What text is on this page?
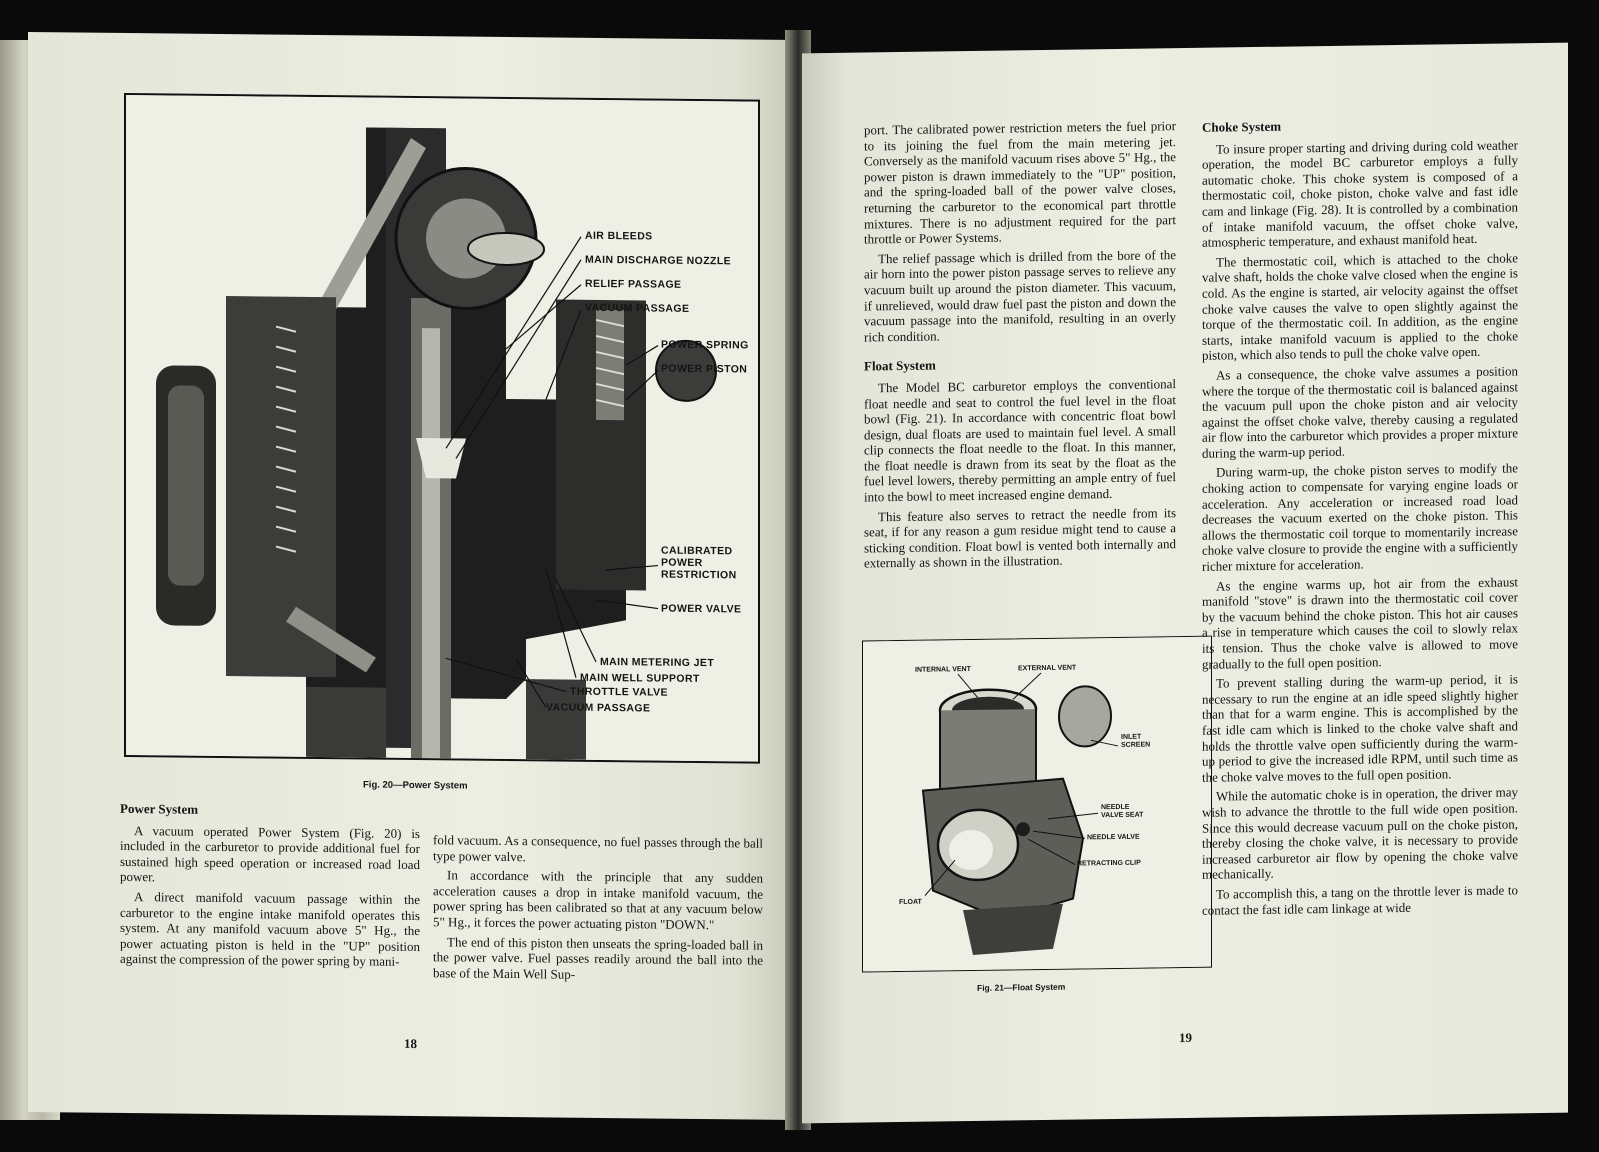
AIR BLEEDS
MAIN DISCHARGE NOZZLE
RELIEF PASSAGE
VACUUM PASSAGE
POWER SPRING
POWER PISTON
CALIBRATED
POWER
RESTRICTION
POWER VALVE
MAIN METERING JET
MAIN WELL SUPPORT
THROTTLE VALVE
VACUUM PASSAGE
Fig. 20—Power System
Power System

A vacuum operated Power System (Fig. 20) is included in the carburetor to provide additional fuel for sustained high speed operation or increased road load power.

A direct manifold vacuum passage within the carburetor to the engine intake manifold operates this system. At any manifold vacuum above 5" Hg., the power actuating piston is held in the "UP" position against the compression of the power spring by mani-

fold vacuum. As a consequence, no fuel passes through the ball type power valve.

In accordance with the principle that any sudden acceleration causes a drop in intake manifold vacuum, the power spring has been calibrated so that at any vacuum below 5" Hg., it forces the power actuating piston "DOWN."

The end of this piston then unseats the spring-loaded ball in the power valve. Fuel passes readily around the ball into the base of the Main Well Sup-

18

port. The calibrated power restriction meters the fuel prior to its joining the fuel from the main metering jet. Conversely as the manifold vacuum rises above 5" Hg., the power piston is drawn immediately to the "UP" position, and the spring-loaded ball of the power valve closes, returning the carburetor to the economical part throttle mixtures. There is no adjustment required for the part throttle or Power Systems.

The relief passage which is drilled from the bore of the air horn into the power piston passage serves to relieve any vacuum built up around the piston diameter. This vacuum, if unrelieved, would draw fuel past the piston and down the vacuum passage into the manifold, resulting in an overly rich condition.

Float System

The Model BC carburetor employs the conventional float needle and seat to control the fuel level in the float bowl (Fig. 21). In accordance with concentric float bowl design, dual floats are used to maintain fuel level. A small clip connects the float needle to the float. In this manner, the float needle is drawn from its seat by the float as the fuel level lowers, thereby permitting an ample entry of fuel into the bowl to meet increased engine demand.

This feature also serves to retract the needle from its seat, if for any reason a gum residue might tend to cause a sticking condition. Float bowl is vented both internally and externally as shown in the illustration.

INTERNAL VENT	EXTERNAL VENT
INLET
SCREEN
NEEDLE
VALVE SEAT
NEEDLE VALVE
RETRACTING CLIP
FLOAT
Fig. 21—Float System
Choke System

To insure proper starting and driving during cold weather operation, the model BC carburetor employs a fully automatic choke. This choke system is composed of a thermostatic coil, choke piston, choke valve and fast idle cam and linkage (Fig. 28). It is controlled by a combination of intake manifold vacuum, the offset choke valve, atmospheric temperature, and exhaust manifold heat.

The thermostatic coil, which is attached to the choke valve shaft, holds the choke valve closed when the engine is cold. As the engine is started, air velocity against the offset choke valve causes the valve to open slightly against the torque of the thermostatic coil. In addition, as the engine starts, intake manifold vacuum is applied to the choke piston, which also tends to pull the choke valve open.

As a consequence, the choke valve assumes a position where the torque of the thermostatic coil is balanced against the vacuum pull upon the choke piston and air velocity against the offset choke valve, thereby causing a regulated air flow into the carburetor which provides a proper mixture during the warm-up period.

During warm-up, the choke piston serves to modify the choking action to compensate for varying engine loads or acceleration. Any acceleration or increased road load decreases the vacuum exerted on the choke piston. This allows the thermostatic coil torque to momentarily increase choke valve closure to provide the engine with a sufficiently richer mixture for acceleration.

As the engine warms up, hot air from the exhaust manifold "stove" is drawn into the thermostatic coil cover by the vacuum behind the choke piston. This hot air causes a rise in temperature which causes the coil to slowly relax its tension. Thus the choke valve is allowed to move gradually to the full open position.

To prevent stalling during the warm-up period, it is necessary to run the engine at an idle speed slightly higher than that for a warm engine. This is accomplished by the fast idle cam which is linked to the choke valve shaft and holds the throttle valve open sufficiently during the warm-up period to give the increased idle RPM, until such time as the choke valve moves to the full open position.

While the automatic choke is in operation, the driver may wish to advance the throttle to the full wide open position. Since this would decrease vacuum pull on the choke piston, thereby closing the choke valve, it is necessary to provide increased carburetor air flow by opening the choke valve mechanically.

To accomplish this, a tang on the throttle lever is made to contact the fast idle cam linkage at wide

19
